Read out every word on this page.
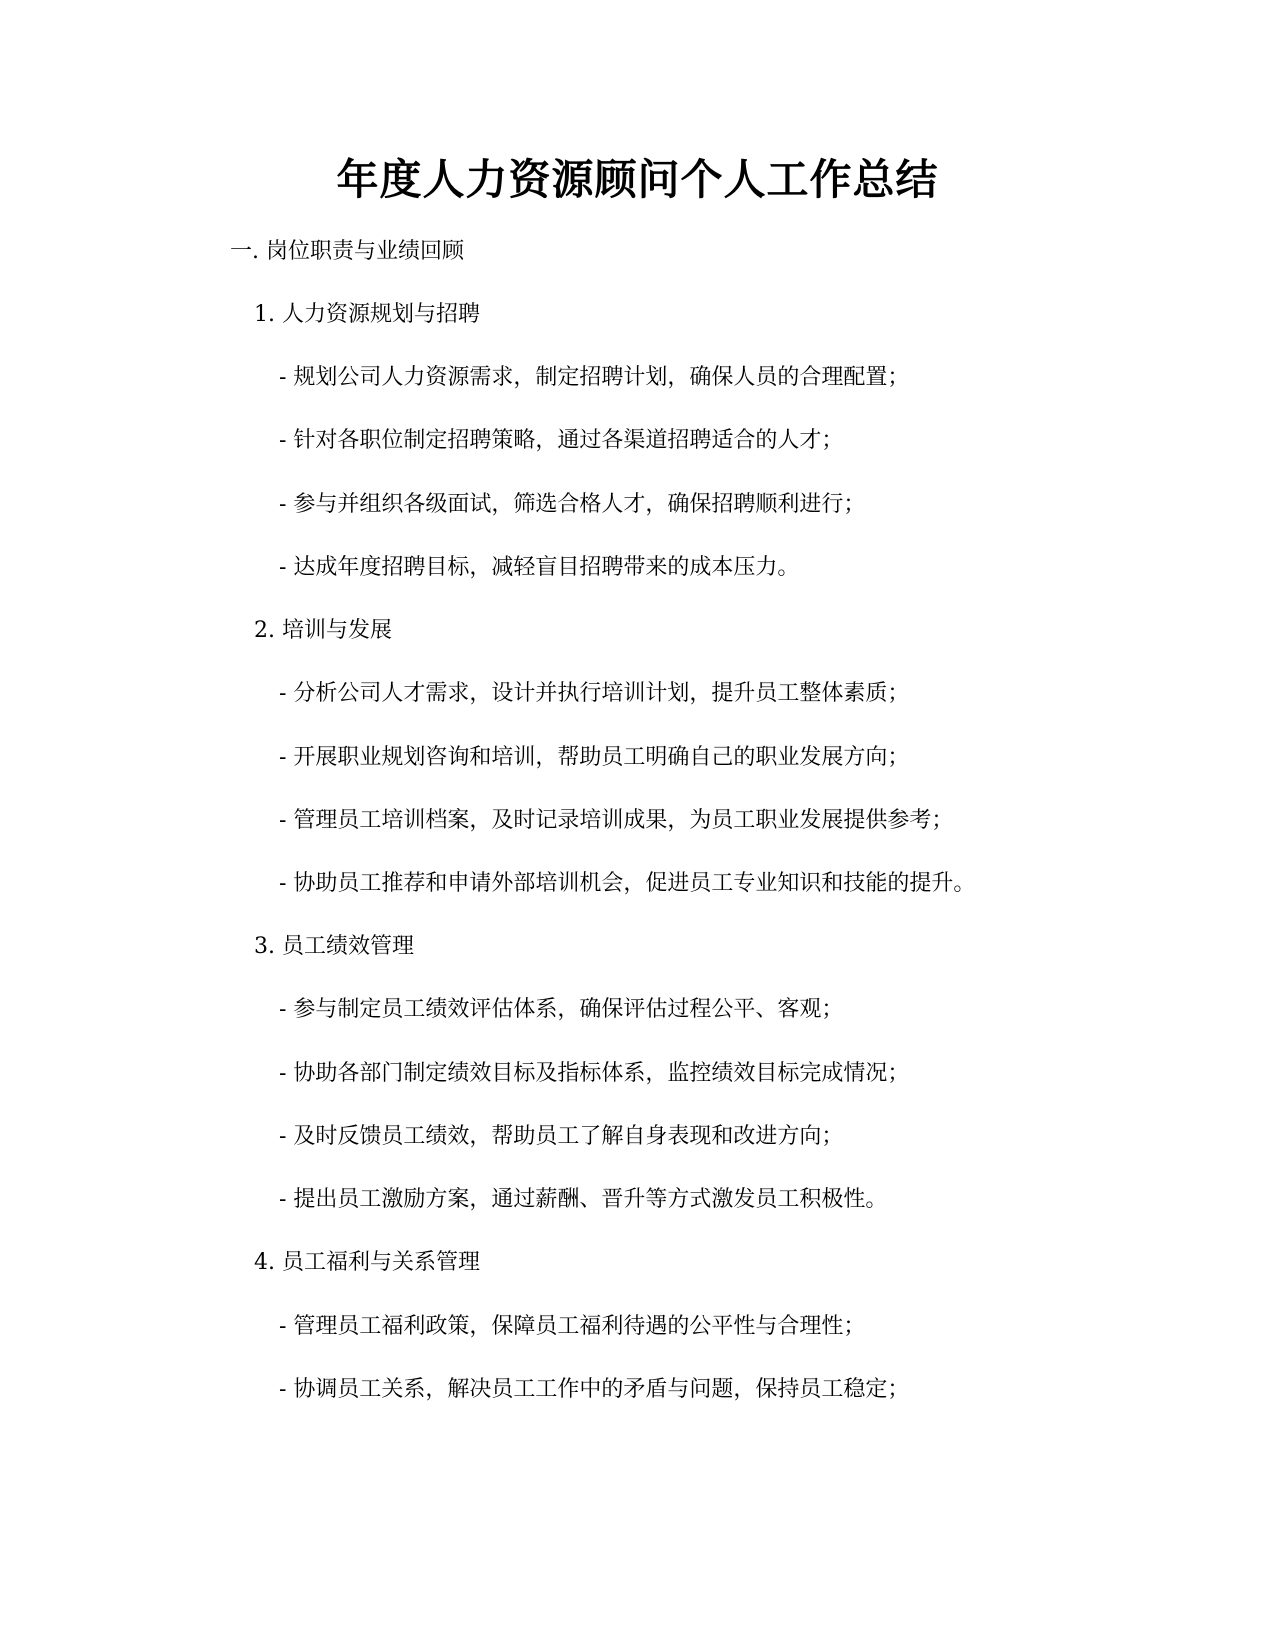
年度人力资源顾问个人工作总结

一. 岗位职责与业绩回顾

1. 人力资源规划与招聘

- 规划公司人力资源需求，制定招聘计划，确保人员的合理配置；

- 针对各职位制定招聘策略，通过各渠道招聘适合的人才；

- 参与并组织各级面试，筛选合格人才，确保招聘顺利进行；

- 达成年度招聘目标，减轻盲目招聘带来的成本压力。

2. 培训与发展

- 分析公司人才需求，设计并执行培训计划，提升员工整体素质；

- 开展职业规划咨询和培训，帮助员工明确自己的职业发展方向；

- 管理员工培训档案，及时记录培训成果，为员工职业发展提供参考；

- 协助员工推荐和申请外部培训机会，促进员工专业知识和技能的提升。

3. 员工绩效管理

- 参与制定员工绩效评估体系，确保评估过程公平、客观；

- 协助各部门制定绩效目标及指标体系，监控绩效目标完成情况；

- 及时反馈员工绩效，帮助员工了解自身表现和改进方向；

- 提出员工激励方案，通过薪酬、晋升等方式激发员工积极性。

4. 员工福利与关系管理

- 管理员工福利政策，保障员工福利待遇的公平性与合理性；

- 协调员工关系，解决员工工作中的矛盾与问题，保持员工稳定；
